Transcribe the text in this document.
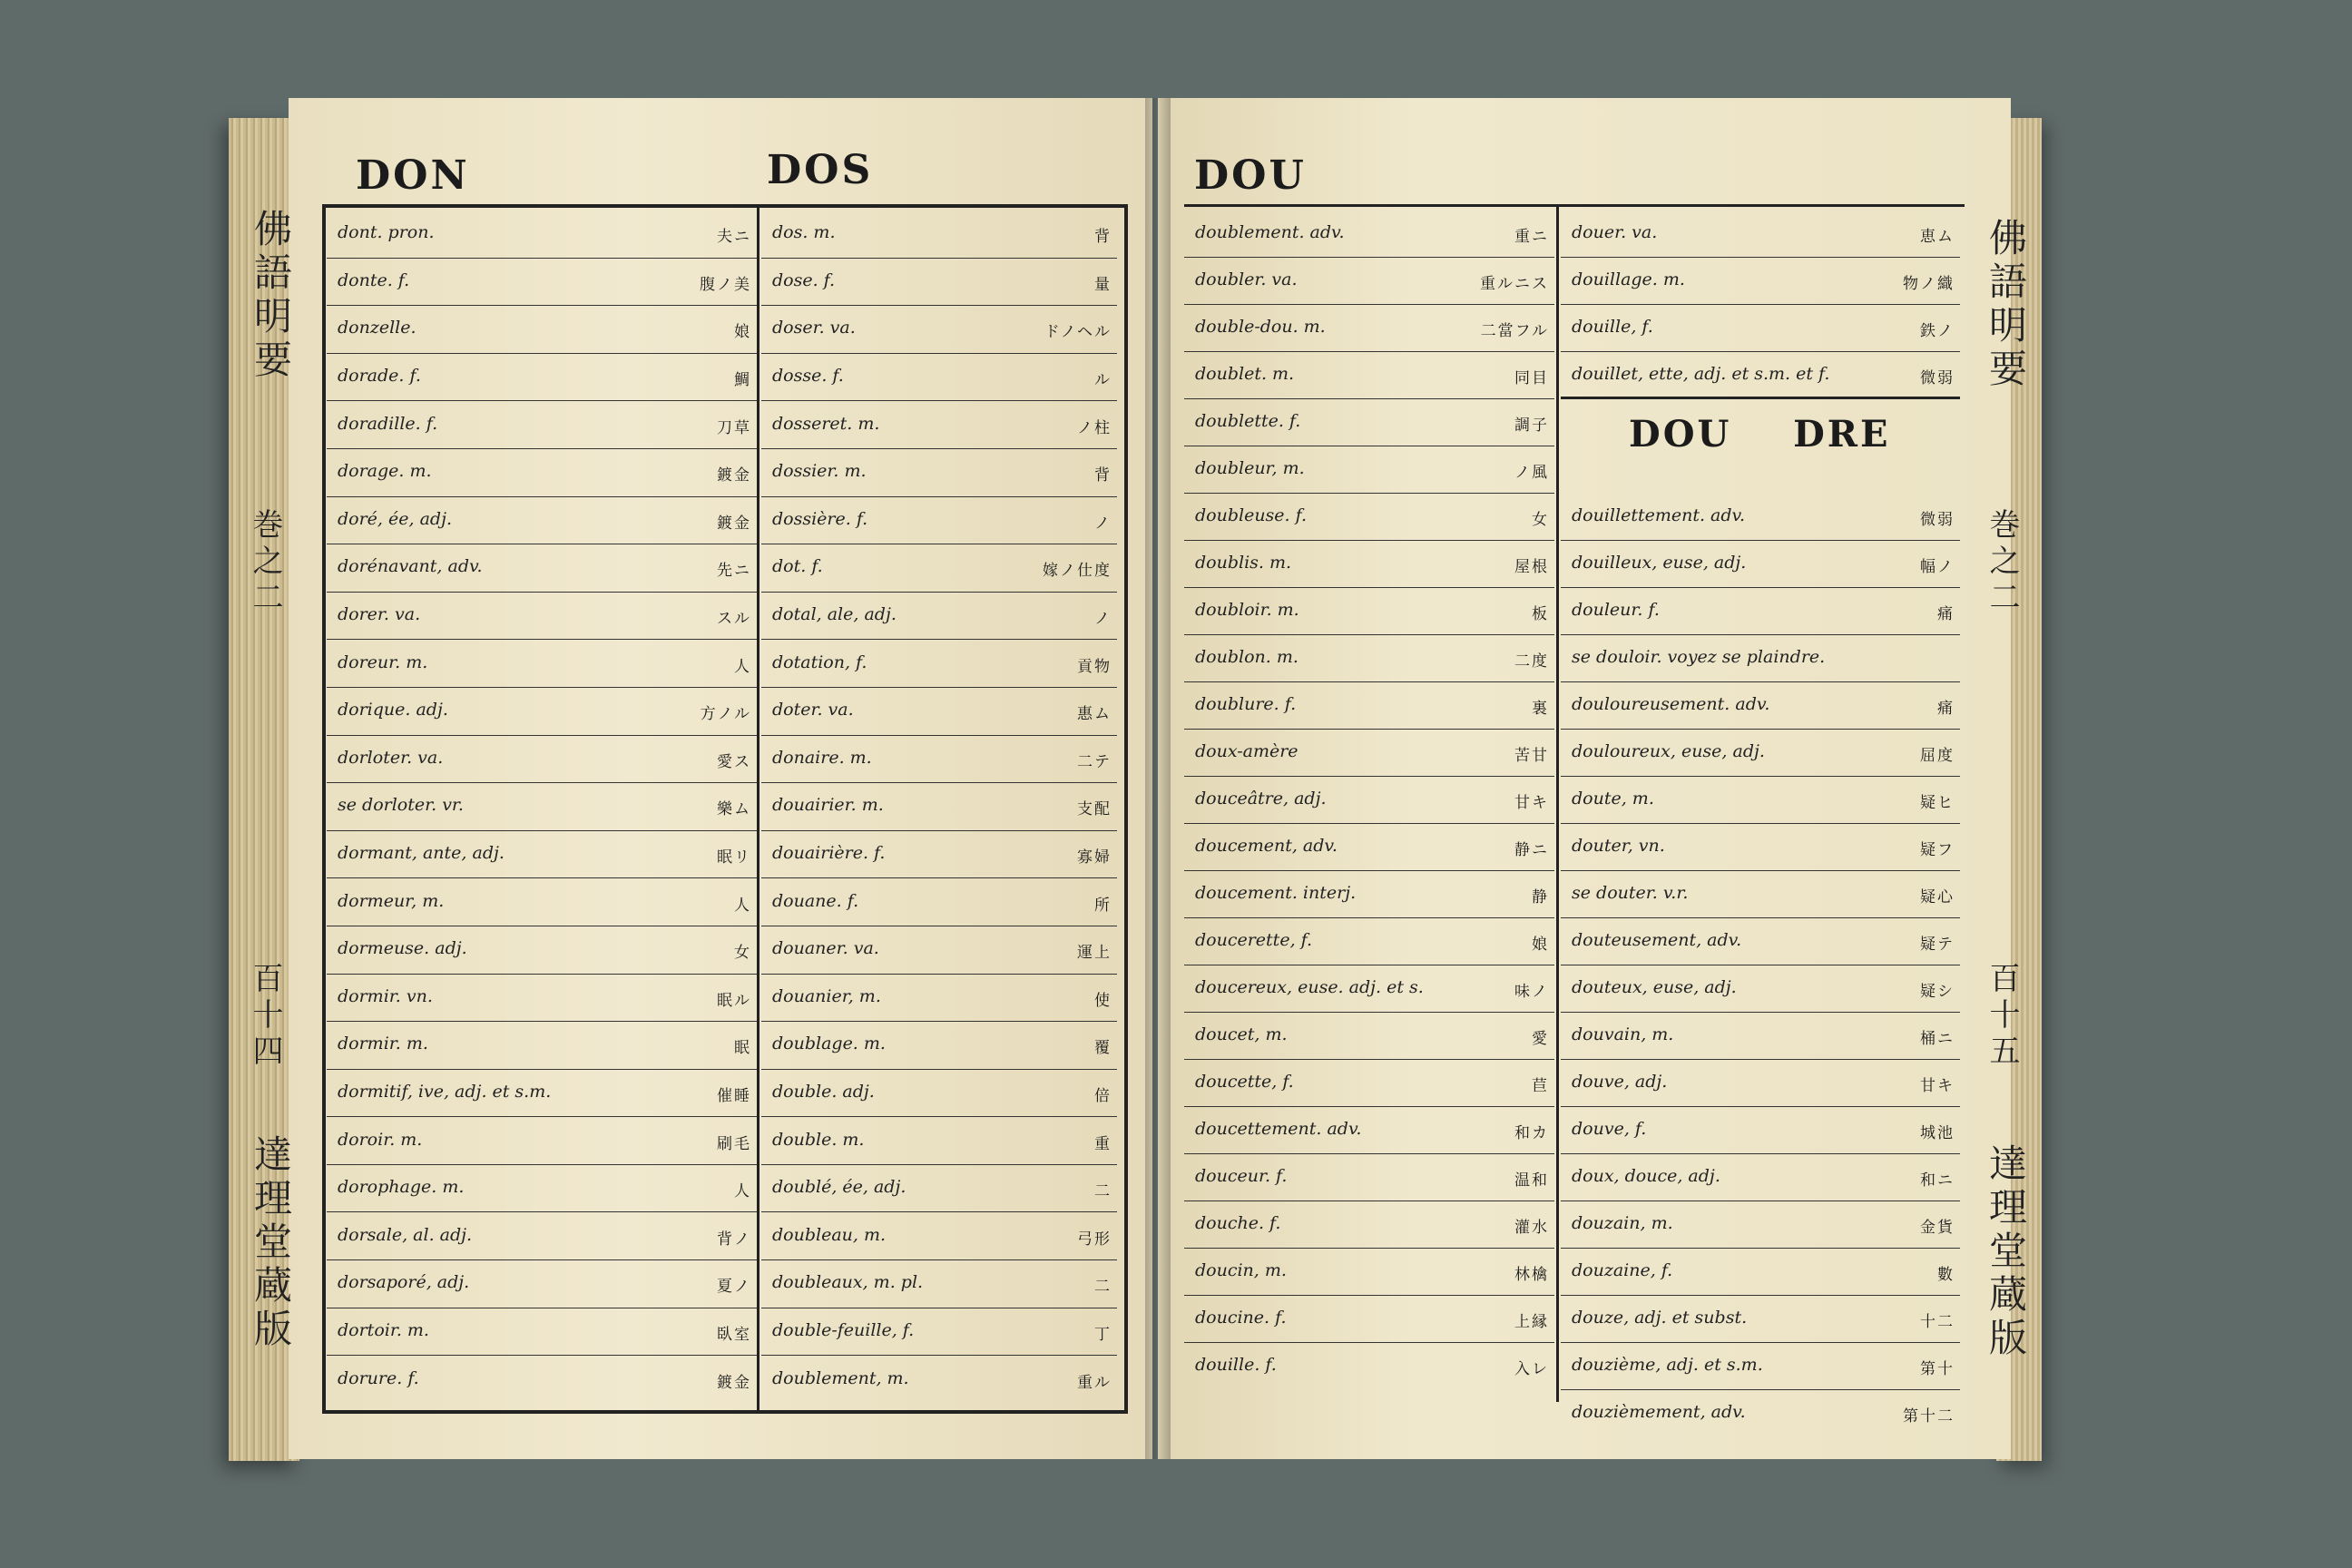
佛語明要
巻之二
百十四
達理堂蔵版
佛語明要
巻之二
百十五
達理堂蔵版
DON	DOS	DOU
DOU    DRE
dont. pron.	夫ニ
donte. f.	腹ノ美
donzelle.	娘
dorade. f.	鯛
doradille. f.	刀草
dorage. m.	鍍金
doré, ée, adj.	鍍金
dorénavant, adv.	先ニ
dorer. va.	スル
doreur. m.	人
dorique. adj.	方ノル
dorloter. va.	愛ス
se dorloter. vr.	樂ム
dormant, ante, adj.	眠リ
dormeur, m.	人
dormeuse. adj.	女
dormir. vn.	眠ル
dormir. m.	眠
dormitif, ive, adj. et s.m.	催睡
doroir. m.	刷毛
dorophage. m.	人
dorsale, al. adj.	背ノ
dorsaporé, adj.	夏ノ
dortoir. m.	臥室
dorure. f.	鍍金
dos. m.	背
dose. f.	量
doser. va.	ドノヘル
dosse. f.	ル
dosseret. m.	ノ柱
dossier. m.	背
dossière. f.	ノ
dot. f.	嫁ノ仕度
dotal, ale, adj.	ノ
dotation, f.	貢物
doter. va.	惠ム
donaire. m.	二テ
douairier. m.	支配
douairière. f.	寡婦
douane. f.	所
douaner. va.	運上
douanier, m.	使
doublage. m.	覆
double. adj.	倍
double. m.	重
doublé, ée, adj.	二
doubleau, m.	弓形
doubleaux, m. pl.	二
double-feuille, f.	丁
doublement, m.	重ル
doublement. adv.	重ニ
doubler. va.	重ルニス
double-dou. m.	二當フル
doublet. m.	同目
doublette. f.	調子
doubleur, m.	ノ風
doubleuse. f.	女
doublis. m.	屋根
doubloir. m.	板
doublon. m.	二度
doublure. f.	裏
doux-amère	苦甘
douceâtre, adj.	甘キ
doucement, adv.	静ニ
doucement. interj.	静
doucerette, f.	娘
doucereux, euse. adj. et s.	味ノ
doucet, m.	愛
doucette, f.	苣
doucettement. adv.	和カ
douceur. f.	温和
douche. f.	灌水
doucin, m.	林檎
doucine. f.	上縁
douille. f.	入レ
douer. va.	恵ム
douillage. m.	物ノ織
douille, f.	鉄ノ
douillet, ette, adj. et s.m. et f.	微弱
douillettement. adv.	微弱
douilleux, euse, adj.	幅ノ
douleur. f.	痛
se douloir. voyez se plaindre.
douloureusement. adv.	痛
douloureux, euse, adj.	屈度
doute, m.	疑ヒ
douter, vn.	疑フ
se douter. v.r.	疑心
douteusement, adv.	疑テ
douteux, euse, adj.	疑シ
douvain, m.	桶ニ
douve, adj.	甘キ
douve, f.	城池
doux, douce, adj.	和ニ
douzain, m.	金貨
douzaine, f.	數
douze, adj. et subst.	十二
douzième, adj. et s.m.	第十
douzièmement, adv.	第十二
